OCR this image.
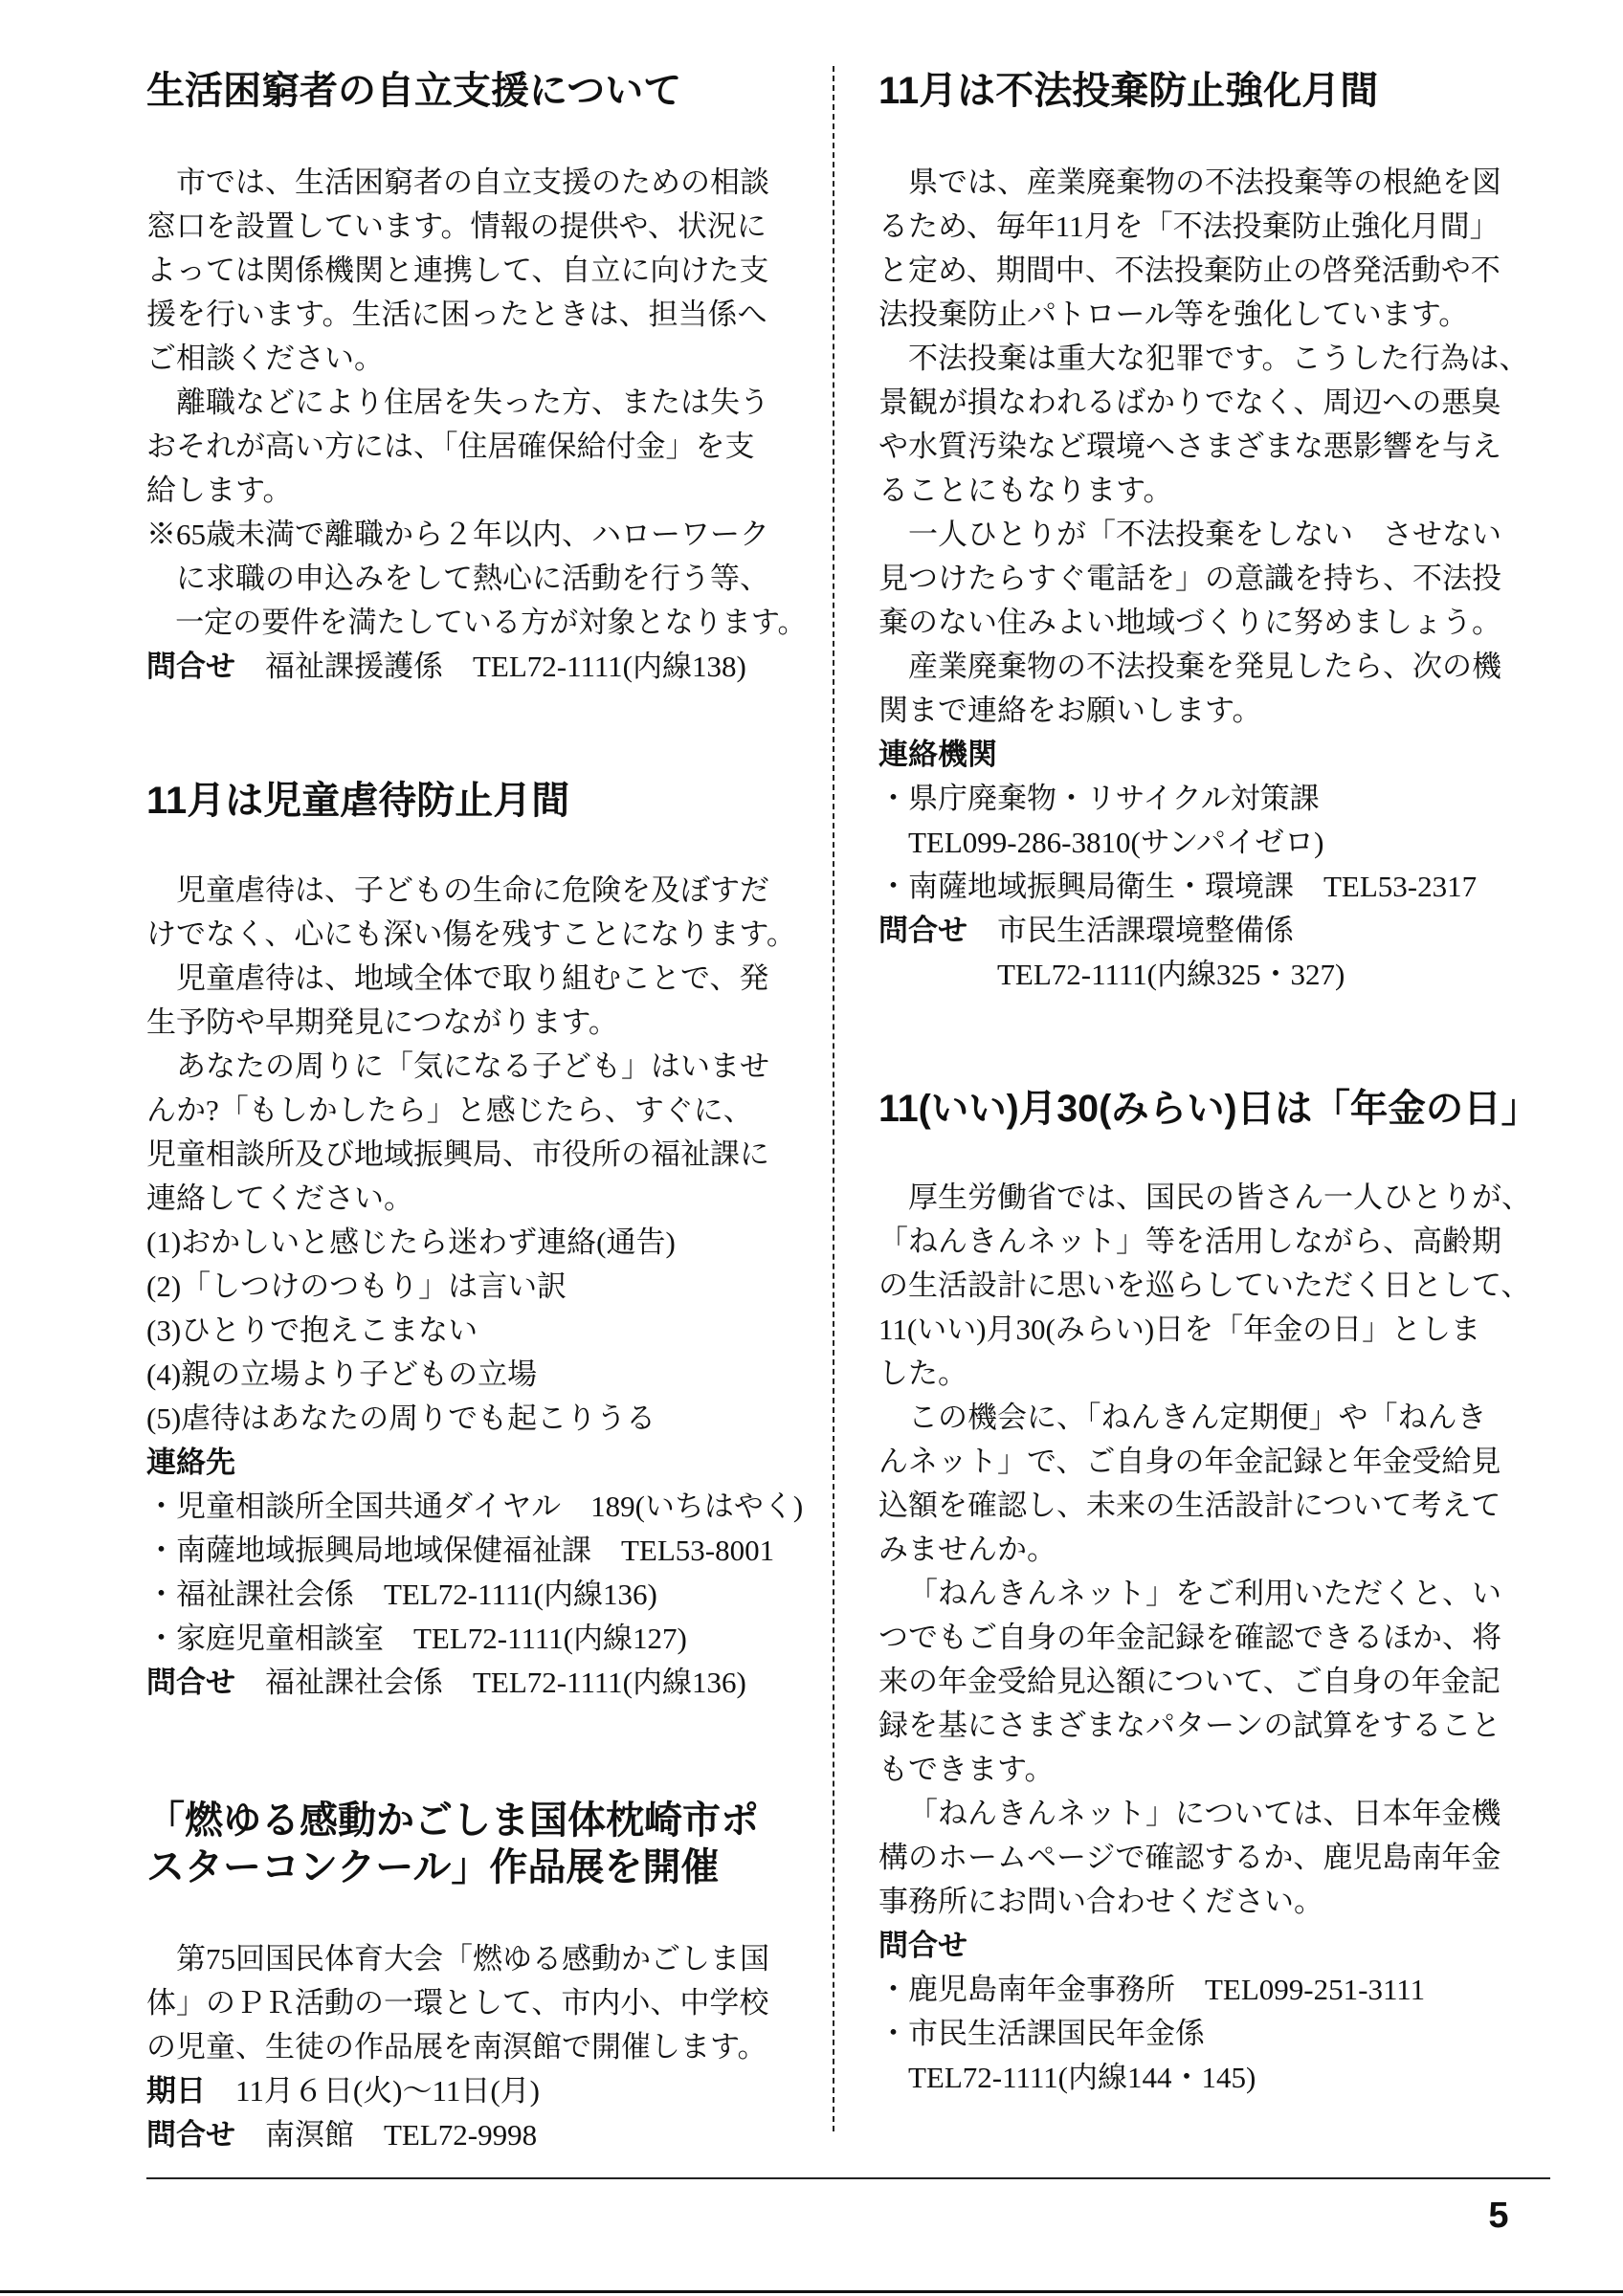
生活困窮者の自立支援について
市では、生活困窮者の自立支援のための相談
窓口を設置しています。情報の提供や、状況に
よっては関係機関と連携して、自立に向けた支
援を行います。生活に困ったときは、担当係へ
ご相談ください。
離職などにより住居を失った方、または失う
おそれが高い方には、「住居確保給付金」を支
給します。
※65歳未満で離職から２年以内、ハローワーク
に求職の申込みをして熱心に活動を行う等、
一定の要件を満たしている方が対象となります。
問合せ 福祉課援護係　TEL72-1111(内線138)
11月は児童虐待防止月間
児童虐待は、子どもの生命に危険を及ぼすだ
けでなく、心にも深い傷を残すことになります。
児童虐待は、地域全体で取り組むことで、発
生予防や早期発見につながります。
あなたの周りに「気になる子ども」はいませ
んか?「もしかしたら」と感じたら、すぐに、
児童相談所及び地域振興局、市役所の福祉課に
連絡してください。
(1)おかしいと感じたら迷わず連絡(通告)
(2)「しつけのつもり」は言い訳
(3)ひとりで抱えこまない
(4)親の立場より子どもの立場
(5)虐待はあなたの周りでも起こりうる
連絡先
・児童相談所全国共通ダイヤル　189(いちはやく)
・南薩地域振興局地域保健福祉課　TEL53-8001
・福祉課社会係　TEL72-1111(内線136)
・家庭児童相談室　TEL72-1111(内線127)
問合せ 福祉課社会係　TEL72-1111(内線136)
「燃ゆる感動かごしま国体枕崎市ポ
スターコンクール」作品展を開催
第75回国民体育大会「燃ゆる感動かごしま国
体」のＰＲ活動の一環として、市内小、中学校
の児童、生徒の作品展を南溟館で開催します。
期日 11月６日(火)～11日(月)
問合せ 南溟館　TEL72-9998
11月は不法投棄防止強化月間
県では、産業廃棄物の不法投棄等の根絶を図
るため、毎年11月を「不法投棄防止強化月間」
と定め、期間中、不法投棄防止の啓発活動や不
法投棄防止パトロール等を強化しています。
不法投棄は重大な犯罪です。こうした行為は、
景観が損なわれるばかりでなく、周辺への悪臭
や水質汚染など環境へさまざまな悪影響を与え
ることにもなります。
一人ひとりが「不法投棄をしない　させない
見つけたらすぐ電話を」の意識を持ち、不法投
棄のない住みよい地域づくりに努めましょう。
産業廃棄物の不法投棄を発見したら、次の機
関まで連絡をお願いします。
連絡機関
・県庁廃棄物・リサイクル対策課
TEL099-286-3810(サンパイゼロ)
・南薩地域振興局衛生・環境課　TEL53-2317
問合せ 市民生活課環境整備係
TEL72-1111(内線325・327)
11(いい)月30(みらい)日は「年金の日」
厚生労働省では、国民の皆さん一人ひとりが、
「ねんきんネット」等を活用しながら、高齢期
の生活設計に思いを巡らしていただく日として、
11(いい)月30(みらい)日を「年金の日」としま
した。
この機会に、「ねんきん定期便」や「ねんき
んネット」で、ご自身の年金記録と年金受給見
込額を確認し、未来の生活設計について考えて
みませんか。
「ねんきんネット」をご利用いただくと、い
つでもご自身の年金記録を確認できるほか、将
来の年金受給見込額について、ご自身の年金記
録を基にさまざまなパターンの試算をすること
もできます。
「ねんきんネット」については、日本年金機
構のホームページで確認するか、鹿児島南年金
事務所にお問い合わせください。
問合せ
・鹿児島南年金事務所　TEL099-251-3111
・市民生活課国民年金係
TEL72-1111(内線144・145)
5
